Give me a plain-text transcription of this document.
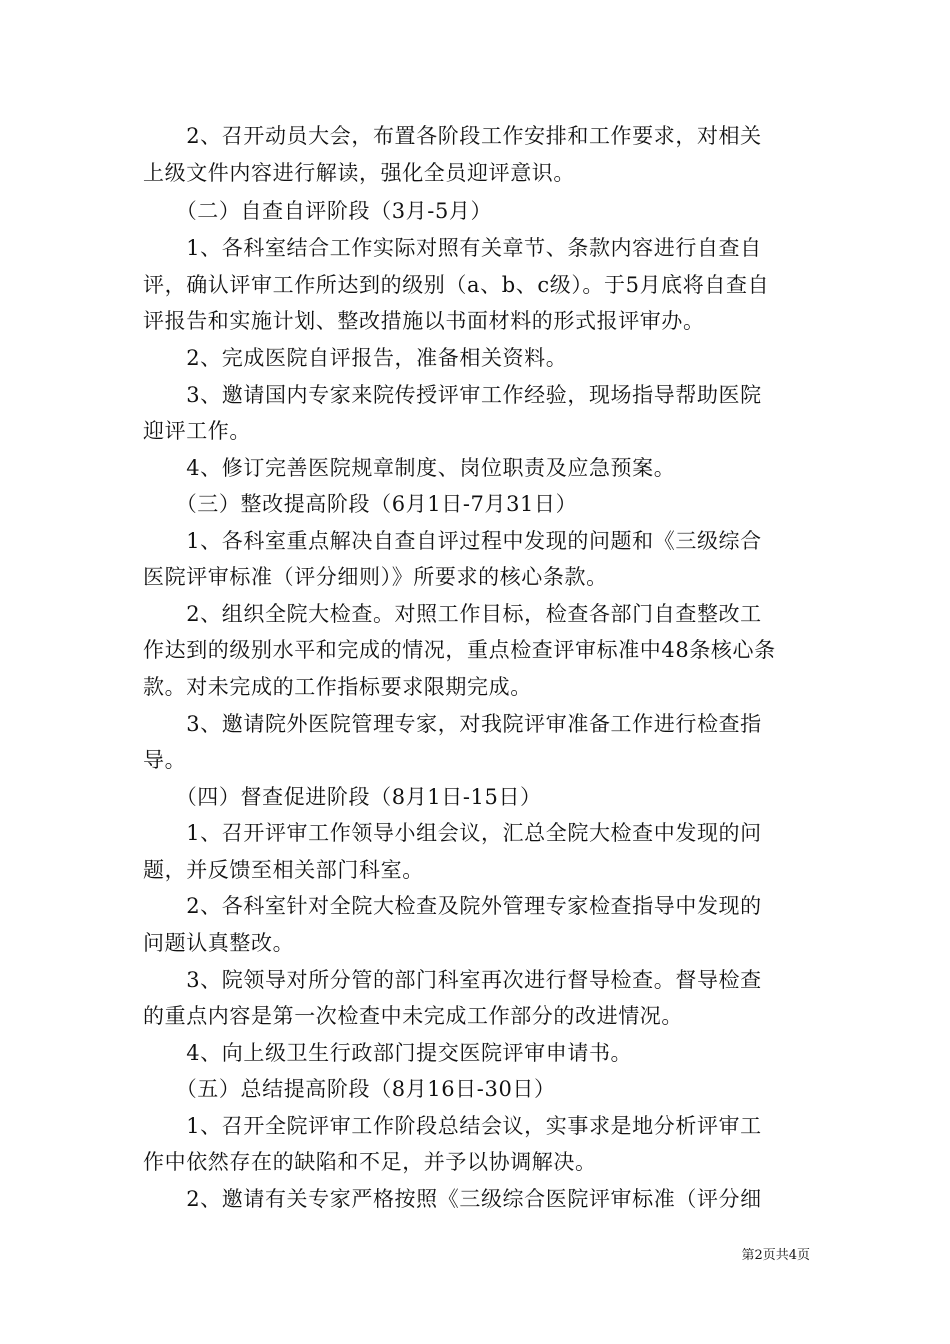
　　2、召开动员大会，布置各阶段工作安排和工作要求，对相关
上级文件内容进行解读，强化全员迎评意识。
　　（二）自查自评阶段（3月-5月）
　　1、各科室结合工作实际对照有关章节、条款内容进行自查自
评，确认评审工作所达到的级别（a、b、c级）。于5月底将自查自
评报告和实施计划、整改措施以书面材料的形式报评审办。
　　2、完成医院自评报告，准备相关资料。
　　3、邀请国内专家来院传授评审工作经验，现场指导帮助医院
迎评工作。
　　4、修订完善医院规章制度、岗位职责及应急预案。
　　（三）整改提高阶段（6月1日-7月31日）
　　1、各科室重点解决自查自评过程中发现的问题和《三级综合
医院评审标准（评分细则）》所要求的核心条款。
　　2、组织全院大检查。对照工作目标，检查各部门自查整改工
作达到的级别水平和完成的情况，重点检查评审标准中48条核心条
款。对未完成的工作指标要求限期完成。
　　3、邀请院外医院管理专家，对我院评审准备工作进行检查指
导。
　　（四）督查促进阶段（8月1日-15日）
　　1、召开评审工作领导小组会议，汇总全院大检查中发现的问
题，并反馈至相关部门科室。
　　2、各科室针对全院大检查及院外管理专家检查指导中发现的
问题认真整改。
　　3、院领导对所分管的部门科室再次进行督导检查。督导检查
的重点内容是第一次检查中未完成工作部分的改进情况。
　　4、向上级卫生行政部门提交医院评审申请书。
　　（五）总结提高阶段（8月16日-30日）
　　1、召开全院评审工作阶段总结会议，实事求是地分析评审工
作中依然存在的缺陷和不足，并予以协调解决。
　　2、邀请有关专家严格按照《三级综合医院评审标准（评分细
第2页共4页
